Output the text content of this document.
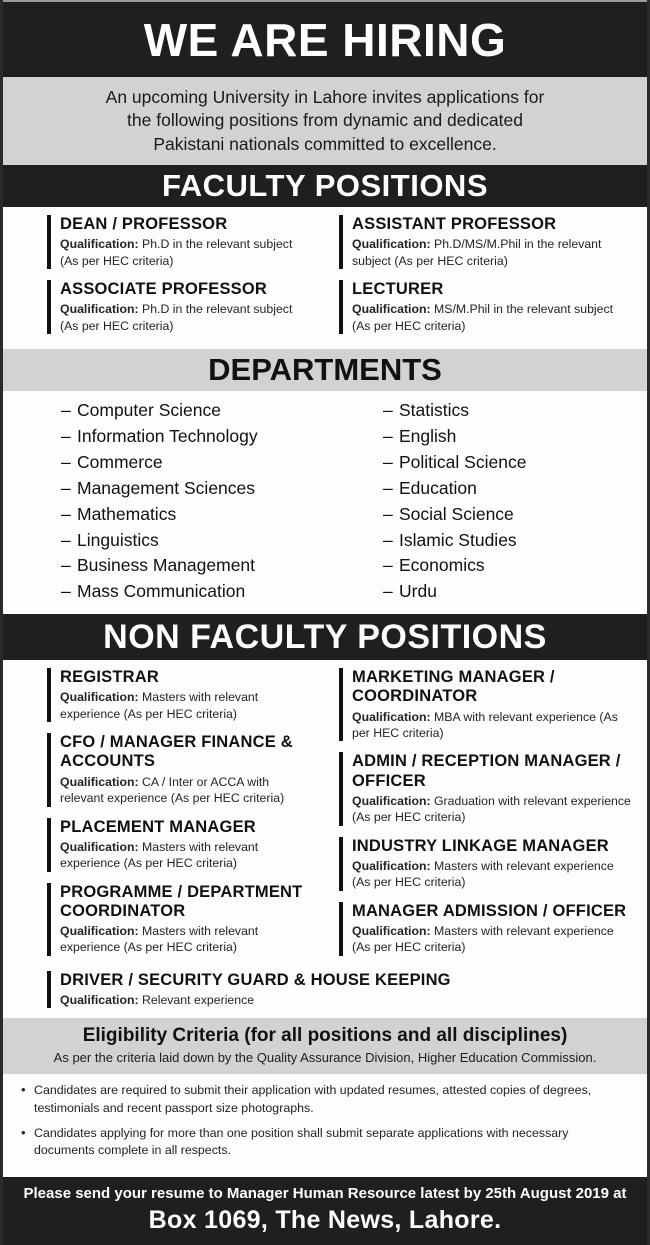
WE ARE HIRING
An upcoming University in Lahore invites applications for
the following positions from dynamic and dedicated
Pakistani nationals committed to excellence.
FACULTY POSITIONS
DEAN / PROFESSOR
Qualification: Ph.D in the relevant subject (As per HEC criteria)
ASSOCIATE PROFESSOR
Qualification: Ph.D in the relevant subject (As per HEC criteria)
ASSISTANT PROFESSOR
Qualification: Ph.D/MS/M.Phil in the relevant subject (As per HEC criteria)
LECTURER
Qualification: MS/M.Phil in the relevant subject (As per HEC criteria)
DEPARTMENTS
– Computer Science
– Information Technology
– Commerce
– Management Sciences
– Mathematics
– Linguistics
– Business Management
– Mass Communication
– Statistics
– English
– Political Science
– Education
– Social Science
– Islamic Studies
– Economics
– Urdu
NON FACULTY POSITIONS
REGISTRAR
Qualification: Masters with relevant experience (As per HEC criteria)
CFO / MANAGER FINANCE & ACCOUNTS
Qualification: CA / Inter or ACCA with relevant experience (As per HEC criteria)
PLACEMENT MANAGER
Qualification: Masters with relevant experience (As per HEC criteria)
PROGRAMME / DEPARTMENT COORDINATOR
Qualification: Masters with relevant experience (As per HEC criteria)
MARKETING MANAGER / COORDINATOR
Qualification: MBA with relevant experience (As per HEC criteria)
ADMIN / RECEPTION MANAGER / OFFICER
Qualification: Graduation with relevant experience (As per HEC criteria)
INDUSTRY LINKAGE MANAGER
Qualification: Masters with relevant experience (As per HEC criteria)
MANAGER ADMISSION / OFFICER
Qualification: Masters with relevant experience (As per HEC criteria)
DRIVER / SECURITY GUARD & HOUSE KEEPING
Qualification: Relevant experience
Eligibility Criteria (for all positions and all disciplines)
As per the criteria laid down by the Quality Assurance Division, Higher Education Commission.
• Candidates are required to submit their application with updated resumes, attested copies of degrees, testimonials and recent passport size photographs.
• Candidates applying for more than one position shall submit separate applications with necessary documents complete in all respects.
Please send your resume to Manager Human Resource latest by 25th August 2019 at
Box 1069, The News, Lahore.
